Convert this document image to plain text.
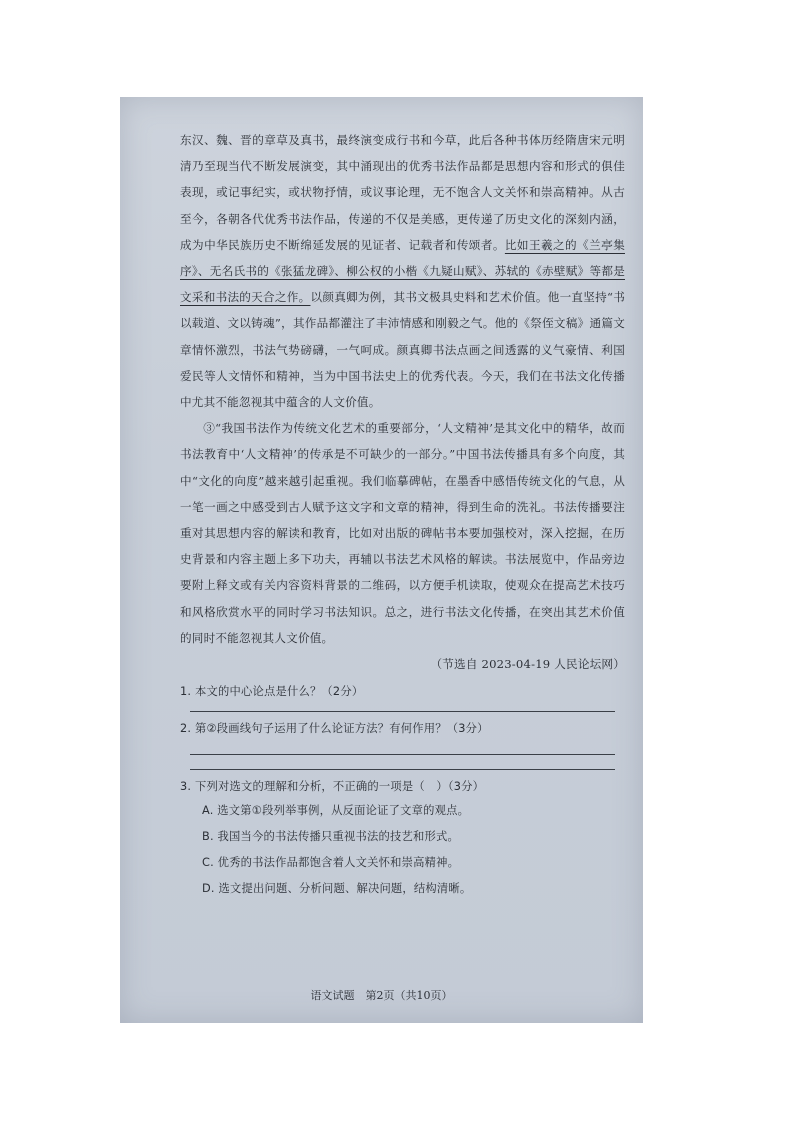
东汉、魏、晋的章草及真书，最终演变成行书和今草，此后各种书体历经隋唐宋元明清乃至现当代不断发展演变，其中涌现出的优秀书法作品都是思想内容和形式的俱佳表现，或记事纪实，或状物抒情，或议事论理，无不饱含人文关怀和崇高精神。从古至今，各朝各代优秀书法作品，传递的不仅是美感，更传递了历史文化的深刻内涵，成为中华民族历史不断绵延发展的见证者、记载者和传颂者。比如王羲之的《兰亭集序》、无名氏书的《张猛龙碑》、柳公权的小楷《九疑山赋》、苏轼的《赤壁赋》等都是文采和书法的天合之作。以颜真卿为例，其书文极具史料和艺术价值。他一直坚持“书以载道、文以铸魂”，其作品都灌注了丰沛情感和刚毅之气。他的《祭侄文稿》通篇文章情怀激烈，书法气势磅礴，一气呵成。颜真卿书法点画之间透露的义气豪情、利国爱民等人文情怀和精神，当为中国书法史上的优秀代表。今天，我们在书法文化传播中尤其不能忽视其中蕴含的人文价值。

③“我国书法作为传统文化艺术的重要部分，‘人文精神’是其文化中的精华，故而书法教育中‘人文精神’的传承是不可缺少的一部分。”中国书法传播具有多个向度，其中“文化的向度”越来越引起重视。我们临摹碑帖，在墨香中感悟传统文化的气息，从一笔一画之中感受到古人赋予这文字和文章的精神，得到生命的洗礼。书法传播要注重对其思想内容的解读和教育，比如对出版的碑帖书本要加强校对，深入挖掘，在历史背景和内容主题上多下功夫，再辅以书法艺术风格的解读。书法展览中，作品旁边要附上释文或有关内容资料背景的二维码，以方便手机读取，使观众在提高艺术技巧和风格欣赏水平的同时学习书法知识。总之，进行书法文化传播，在突出其艺术价值的同时不能忽视其人文价值。

（节选自 2023-04-19 人民论坛网）

1. 本文的中心论点是什么？（2分）

2. 第②段画线句子运用了什么论证方法？有何作用？（3分）

3. 下列对选文的理解和分析，不正确的一项是（　）（3分）

A. 选文第①段列举事例，从反面论证了文章的观点。
B. 我国当今的书法传播只重视书法的技艺和形式。
C. 优秀的书法作品都饱含着人文关怀和崇高精神。
D. 选文提出问题、分析问题、解决问题，结构清晰。
语文试题　第2页（共10页）
